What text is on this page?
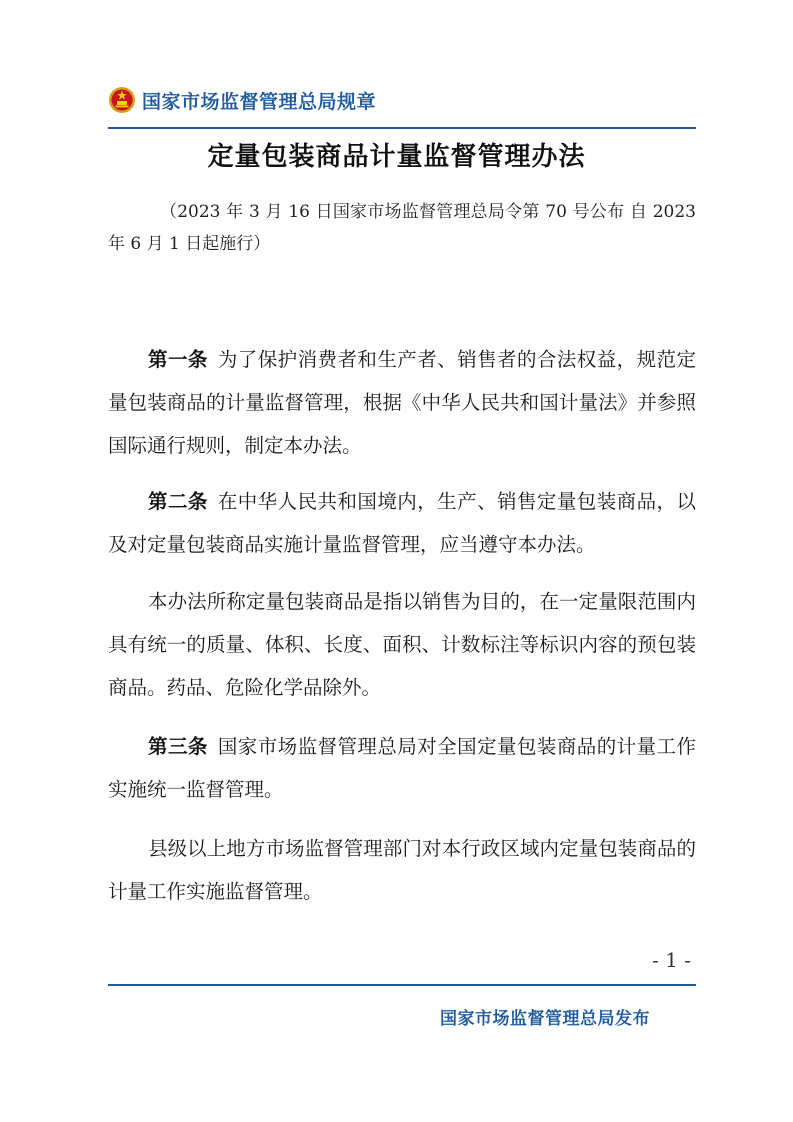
国家市场监督管理总局规章
定量包装商品计量监督管理办法
（2023 年 3 月 16 日国家市场监督管理总局令第 70 号公布 自 2023 年 6 月 1 日起施行）
第一条 为了保护消费者和生产者、销售者的合法权益，规范定量包装商品的计量监督管理，根据《中华人民共和国计量法》并参照国际通行规则，制定本办法。
第二条 在中华人民共和国境内，生产、销售定量包装商品，以及对定量包装商品实施计量监督管理，应当遵守本办法。
本办法所称定量包装商品是指以销售为目的，在一定量限范围内具有统一的质量、体积、长度、面积、计数标注等标识内容的预包装商品。药品、危险化学品除外。
第三条 国家市场监督管理总局对全国定量包装商品的计量工作实施统一监督管理。
县级以上地方市场监督管理部门对本行政区域内定量包装商品的计量工作实施监督管理。
- 1 -
国家市场监督管理总局发布
